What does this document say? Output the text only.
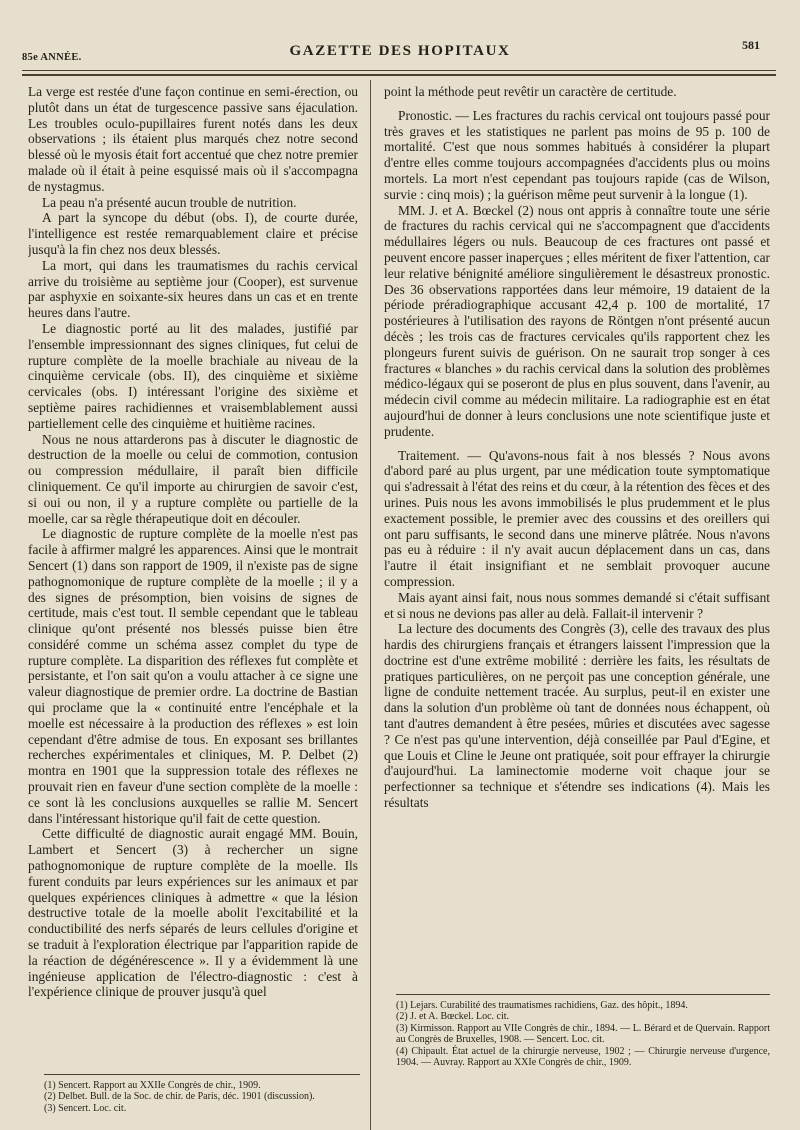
85e ANNÉE.	GAZETTE DES HOPITAUX	581

La verge est restée d'une façon continue en semi-érection, ou plutôt dans un état de turgescence passive sans éjaculation. Les troubles oculo-pupillaires furent notés dans les deux observations ; ils étaient plus marqués chez notre second blessé où le myosis était fort accentué que chez notre premier malade où il était à peine esquissé mais où il s'accompagna de nystagmus.

La peau n'a présenté aucun trouble de nutrition.

A part la syncope du début (obs. I), de courte durée, l'intelligence est restée remarquablement claire et précise jusqu'à la fin chez nos deux blessés.

La mort, qui dans les traumatismes du rachis cervical arrive du troisième au septième jour (Cooper), est survenue par asphyxie en soixante-six heures dans un cas et en trente heures dans l'autre.

Le diagnostic porté au lit des malades, justifié par l'ensemble impressionnant des signes cliniques, fut celui de rupture complète de la moelle brachiale au niveau de la cinquième cervicale (obs. II), des cinquième et sixième cervicales (obs. I) intéressant l'origine des sixième et septième paires rachidiennes et vraisemblablement aussi partiellement celle des cinquième et huitième racines.

Nous ne nous attarderons pas à discuter le diagnostic de destruction de la moelle ou celui de commotion, contusion ou compression médullaire, il paraît bien difficile cliniquement. Ce qu'il importe au chirurgien de savoir c'est, si oui ou non, il y a rupture complète ou partielle de la moelle, car sa règle thérapeutique doit en découler.

Le diagnostic de rupture complète de la moelle n'est pas facile à affirmer malgré les apparences. Ainsi que le montrait Sencert (1) dans son rapport de 1909, il n'existe pas de signe pathognomonique de rupture complète de la moelle ; il y a des signes de présomption, bien voisins de signes de certitude, mais c'est tout. Il semble cependant que le tableau clinique qu'ont présenté nos blessés puisse bien être considéré comme un schéma assez complet du type de rupture complète. La disparition des réflexes fut complète et persistante, et l'on sait qu'on a voulu attacher à ce signe une valeur diagnostique de premier ordre. La doctrine de Bastian qui proclame que la « continuité entre l'encéphale et la moelle est nécessaire à la production des réflexes » est loin cependant d'être admise de tous. En exposant ses brillantes recherches expérimentales et cliniques, M. P. Delbet (2) montra en 1901 que la suppression totale des réflexes ne prouvait rien en faveur d'une section complète de la moelle : ce sont là les conclusions auxquelles se rallie M. Sencert dans l'intéressant historique qu'il fait de cette question.

Cette difficulté de diagnostic aurait engagé MM. Bouin, Lambert et Sencert (3) à rechercher un signe pathognomonique de rupture complète de la moelle. Ils furent conduits par leurs expériences sur les animaux et par quelques expériences cliniques à admettre « que la lésion destructive totale de la moelle abolit l'excitabilité et la conductibilité des nerfs séparés de leurs cellules d'origine et se traduit à l'exploration électrique par l'apparition rapide de la réaction de dégénérescence ». Il y a évidemment là une ingénieuse application de l'électro-diagnostic : c'est à l'expérience clinique de prouver jusqu'à quel

point la méthode peut revêtir un caractère de certitude.

Pronostic. — Les fractures du rachis cervical ont toujours passé pour très graves et les statistiques ne parlent pas moins de 95 p. 100 de mortalité. C'est que nous sommes habitués à considérer la plupart d'entre elles comme toujours accompagnées d'accidents plus ou moins mortels. La mort n'est cependant pas toujours rapide (cas de Wilson, survie : cinq mois) ; la guérison même peut survenir à la longue (1).

MM. J. et A. Bœckel (2) nous ont appris à connaître toute une série de fractures du rachis cervical qui ne s'accompagnent que d'accidents médullaires légers ou nuls. Beaucoup de ces fractures ont passé et peuvent encore passer inaperçues ; elles méritent de fixer l'attention, car leur relative bénignité améliore singulièrement le désastreux pronostic. Des 36 observations rapportées dans leur mémoire, 19 dataient de la période préradiographique accusant 42,4 p. 100 de mortalité, 17 postérieures à l'utilisation des rayons de Röntgen n'ont présenté aucun décès ; les trois cas de fractures cervicales qu'ils rapportent chez les plongeurs furent suivis de guérison. On ne saurait trop songer à ces fractures « blanches » du rachis cervical dans la solution des problèmes médico-légaux qui se poseront de plus en plus souvent, dans l'avenir, au médecin civil comme au médecin militaire. La radiographie est en état aujourd'hui de donner à leurs conclusions une note scientifique juste et prudente.

Traitement. — Qu'avons-nous fait à nos blessés ? Nous avons d'abord paré au plus urgent, par une médication toute symptomatique qui s'adressait à l'état des reins et du cœur, à la rétention des fèces et des urines. Puis nous les avons immobilisés le plus prudemment et le plus exactement possible, le premier avec des coussins et des oreillers qui ont paru suffisants, le second dans une minerve plâtrée. Nous n'avons pas eu à réduire : il n'y avait aucun déplacement dans un cas, dans l'autre il était insignifiant et ne semblait provoquer aucune compression.

Mais ayant ainsi fait, nous nous sommes demandé si c'était suffisant et si nous ne devions pas aller au delà. Fallait-il intervenir ?

La lecture des documents des Congrès (3), celle des travaux des plus hardis des chirurgiens français et étrangers laissent l'impression que la doctrine est d'une extrême mobilité : derrière les faits, les résultats de pratiques particulières, on ne perçoit pas une conception générale, une ligne de conduite nettement tracée. Au surplus, peut-il en exister une dans la solution d'un problème où tant de données nous échappent, où tant d'autres demandent à être pesées, mûries et discutées avec sagesse ? Ce n'est pas qu'une intervention, déjà conseillée par Paul d'Egine, et que Louis et Cline le Jeune ont pratiquée, soit pour effrayer la chirurgie d'aujourd'hui. La laminectomie moderne voit chaque jour se perfectionner sa technique et s'étendre ses indications (4). Mais les résultats

(1) Sencert. Rapport au XXIIe Congrès de chir., 1909.
(2) Delbet. Bull. de la Soc. de chir. de Paris, déc. 1901 (discussion).
(3) Sencert. Loc. cit.
(1) Lejars. Curabilité des traumatismes rachidiens, Gaz. des hôpit., 1894.
(2) J. et A. Bœckel. Loc. cit.
(3) Kirmisson. Rapport au VIIe Congrès de chir., 1894. — L. Bérard et de Quervain. Rapport au Congrès de Bruxelles, 1908. — Sencert. Loc. cit.
(4) Chipault. État actuel de la chirurgie nerveuse, 1902 ; — Chirurgie nerveuse d'urgence, 1904. — Auvray. Rapport au XXIe Congrès de chir., 1909.
